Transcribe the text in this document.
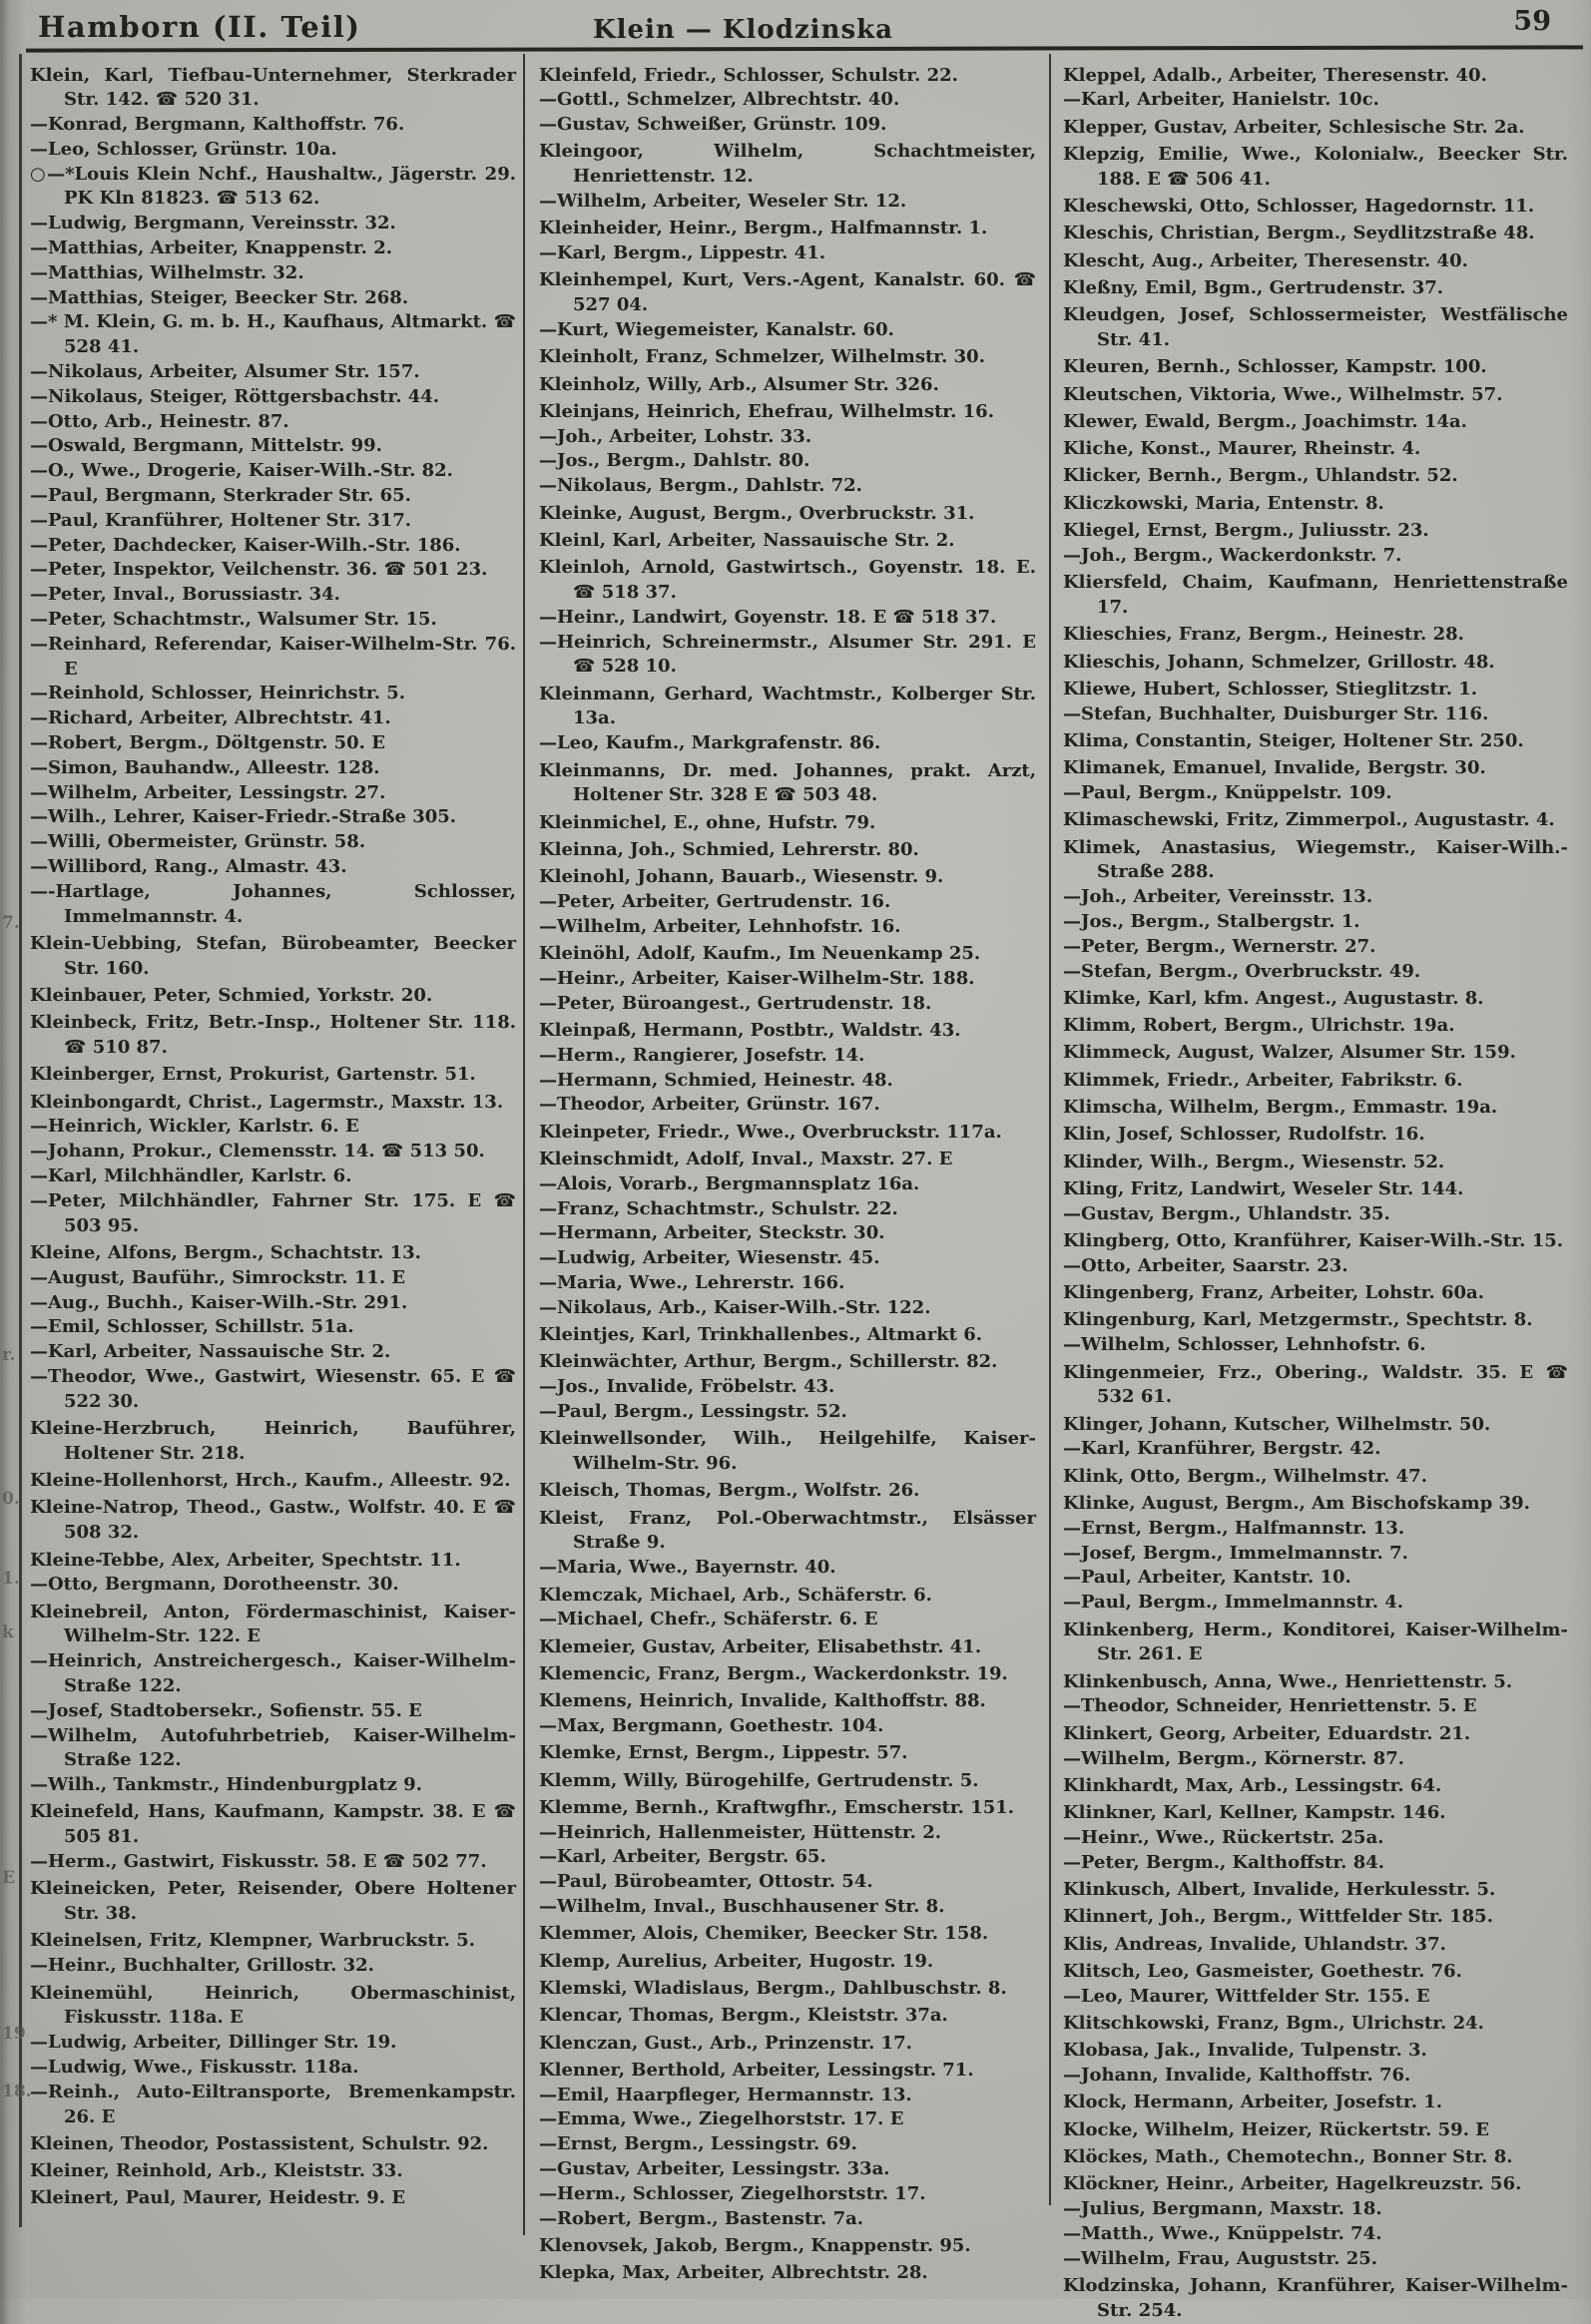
Hamborn (II. Teil)	Klein — Klodzinska	59

Klein, Karl, Tiefbau-Unternehmer, Sterkrader Str. 142. ☎ 520 31.

—Konrad, Bergmann, Kalthoffstr. 76.

—Leo, Schlosser, Grünstr. 10a.

○—*Louis Klein Nchf., Haushaltw., Jägerstr. 29. PK Kln 81823. ☎ 513 62.

—Ludwig, Bergmann, Vereinsstr. 32.

—Matthias, Arbeiter, Knappenstr. 2.

—Matthias, Wilhelmstr. 32.

—Matthias, Steiger, Beecker Str. 268.

—* M. Klein, G. m. b. H., Kaufhaus, Altmarkt. ☎ 528 41.

—Nikolaus, Arbeiter, Alsumer Str. 157.

—Nikolaus, Steiger, Röttgersbachstr. 44.

—Otto, Arb., Heinestr. 87.

—Oswald, Bergmann, Mittelstr. 99.

—O., Wwe., Drogerie, Kaiser-Wilh.-Str. 82.

—Paul, Bergmann, Sterkrader Str. 65.

—Paul, Kranführer, Holtener Str. 317.

—Peter, Dachdecker, Kaiser-Wilh.-Str. 186.

—Peter, Inspektor, Veilchenstr. 36. ☎ 501 23.

—Peter, Inval., Borussiastr. 34.

—Peter, Schachtmstr., Walsumer Str. 15.

—Reinhard, Referendar, Kaiser-Wilhelm-Str. 76. E

—Reinhold, Schlosser, Heinrichstr. 5.

—Richard, Arbeiter, Albrechtstr. 41.

—Robert, Bergm., Döltgenstr. 50. E

—Simon, Bauhandw., Alleestr. 128.

—Wilhelm, Arbeiter, Lessingstr. 27.

—Wilh., Lehrer, Kaiser-Friedr.-Straße 305.

—Willi, Obermeister, Grünstr. 58.

—Willibord, Rang., Almastr. 43.

—-Hartlage, Johannes, Schlosser, Immelmannstr. 4.

Klein-Uebbing, Stefan, Bürobeamter, Beecker Str. 160.

Kleinbauer, Peter, Schmied, Yorkstr. 20.

Kleinbeck, Fritz, Betr.-Insp., Holtener Str. 118. ☎ 510 87.

Kleinberger, Ernst, Prokurist, Gartenstr. 51.

Kleinbongardt, Christ., Lagermstr., Maxstr. 13.

—Heinrich, Wickler, Karlstr. 6. E

—Johann, Prokur., Clemensstr. 14. ☎ 513 50.

—Karl, Milchhändler, Karlstr. 6.

—Peter, Milchhändler, Fahrner Str. 175. E ☎ 503 95.

Kleine, Alfons, Bergm., Schachtstr. 13.

—August, Bauführ., Simrockstr. 11. E

—Aug., Buchh., Kaiser-Wilh.-Str. 291.

—Emil, Schlosser, Schillstr. 51a.

—Karl, Arbeiter, Nassauische Str. 2.

—Theodor, Wwe., Gastwirt, Wiesenstr. 65. E ☎ 522 30.

Kleine-Herzbruch, Heinrich, Bauführer, Holtener Str. 218.

Kleine-Hollenhorst, Hrch., Kaufm., Alleestr. 92.

Kleine-Natrop, Theod., Gastw., Wolfstr. 40. E ☎ 508 32.

Kleine-Tebbe, Alex, Arbeiter, Spechtstr. 11.

—Otto, Bergmann, Dorotheenstr. 30.

Kleinebreil, Anton, Fördermaschinist, Kaiser-Wilhelm-Str. 122. E

—Heinrich, Anstreichergesch., Kaiser-Wilhelm-Straße 122.

—Josef, Stadtobersekr., Sofienstr. 55. E

—Wilhelm, Autofuhrbetrieb, Kaiser-Wilhelm-Straße 122.

—Wilh., Tankmstr., Hindenburgplatz 9.

Kleinefeld, Hans, Kaufmann, Kampstr. 38. E ☎ 505 81.

—Herm., Gastwirt, Fiskusstr. 58. E ☎ 502 77.

Kleineicken, Peter, Reisender, Obere Holtener Str. 38.

Kleinelsen, Fritz, Klempner, Warbruckstr. 5.

—Heinr., Buchhalter, Grillostr. 32.

Kleinemühl, Heinrich, Obermaschinist, Fiskusstr. 118a. E

—Ludwig, Arbeiter, Dillinger Str. 19.

—Ludwig, Wwe., Fiskusstr. 118a.

—Reinh., Auto-Eiltransporte, Bremenkampstr. 26. E

Kleinen, Theodor, Postassistent, Schulstr. 92.

Kleiner, Reinhold, Arb., Kleiststr. 33.

Kleinert, Paul, Maurer, Heidestr. 9. E

Kleinfeld, Friedr., Schlosser, Schulstr. 22.

—Gottl., Schmelzer, Albrechtstr. 40.

—Gustav, Schweißer, Grünstr. 109.

Kleingoor, Wilhelm, Schachtmeister, Henriettenstr. 12.

—Wilhelm, Arbeiter, Weseler Str. 12.

Kleinheider, Heinr., Bergm., Halfmannstr. 1.

—Karl, Bergm., Lippestr. 41.

Kleinhempel, Kurt, Vers.-Agent, Kanalstr. 60. ☎ 527 04.

—Kurt, Wiegemeister, Kanalstr. 60.

Kleinholt, Franz, Schmelzer, Wilhelmstr. 30.

Kleinholz, Willy, Arb., Alsumer Str. 326.

Kleinjans, Heinrich, Ehefrau, Wilhelmstr. 16.

—Joh., Arbeiter, Lohstr. 33.

—Jos., Bergm., Dahlstr. 80.

—Nikolaus, Bergm., Dahlstr. 72.

Kleinke, August, Bergm., Overbruckstr. 31.

Kleinl, Karl, Arbeiter, Nassauische Str. 2.

Kleinloh, Arnold, Gastwirtsch., Goyenstr. 18. E. ☎ 518 37.

—Heinr., Landwirt, Goyenstr. 18. E ☎ 518 37.

—Heinrich, Schreinermstr., Alsumer Str. 291. E ☎ 528 10.

Kleinmann, Gerhard, Wachtmstr., Kolberger Str. 13a.

—Leo, Kaufm., Markgrafenstr. 86.

Kleinmanns, Dr. med. Johannes, prakt. Arzt, Holtener Str. 328 E ☎ 503 48.

Kleinmichel, E., ohne, Hufstr. 79.

Kleinna, Joh., Schmied, Lehrerstr. 80.

Kleinohl, Johann, Bauarb., Wiesenstr. 9.

—Peter, Arbeiter, Gertrudenstr. 16.

—Wilhelm, Arbeiter, Lehnhofstr. 16.

Kleinöhl, Adolf, Kaufm., Im Neuenkamp 25.

—Heinr., Arbeiter, Kaiser-Wilhelm-Str. 188.

—Peter, Büroangest., Gertrudenstr. 18.

Kleinpaß, Hermann, Postbtr., Waldstr. 43.

—Herm., Rangierer, Josefstr. 14.

—Hermann, Schmied, Heinestr. 48.

—Theodor, Arbeiter, Grünstr. 167.

Kleinpeter, Friedr., Wwe., Overbruckstr. 117a.

Kleinschmidt, Adolf, Inval., Maxstr. 27. E

—Alois, Vorarb., Bergmannsplatz 16a.

—Franz, Schachtmstr., Schulstr. 22.

—Hermann, Arbeiter, Steckstr. 30.

—Ludwig, Arbeiter, Wiesenstr. 45.

—Maria, Wwe., Lehrerstr. 166.

—Nikolaus, Arb., Kaiser-Wilh.-Str. 122.

Kleintjes, Karl, Trinkhallenbes., Altmarkt 6.

Kleinwächter, Arthur, Bergm., Schillerstr. 82.

—Jos., Invalide, Fröbelstr. 43.

—Paul, Bergm., Lessingstr. 52.

Kleinwellsonder, Wilh., Heilgehilfe, Kaiser-Wilhelm-Str. 96.

Kleisch, Thomas, Bergm., Wolfstr. 26.

Kleist, Franz, Pol.-Oberwachtmstr., Elsässer Straße 9.

—Maria, Wwe., Bayernstr. 40.

Klemczak, Michael, Arb., Schäferstr. 6.

—Michael, Chefr., Schäferstr. 6. E

Klemeier, Gustav, Arbeiter, Elisabethstr. 41.

Klemencic, Franz, Bergm., Wackerdonkstr. 19.

Klemens, Heinrich, Invalide, Kalthoffstr. 88.

—Max, Bergmann, Goethestr. 104.

Klemke, Ernst, Bergm., Lippestr. 57.

Klemm, Willy, Bürogehilfe, Gertrudenstr. 5.

Klemme, Bernh., Kraftwgfhr., Emscherstr. 151.

—Heinrich, Hallenmeister, Hüttenstr. 2.

—Karl, Arbeiter, Bergstr. 65.

—Paul, Bürobeamter, Ottostr. 54.

—Wilhelm, Inval., Buschhausener Str. 8.

Klemmer, Alois, Chemiker, Beecker Str. 158.

Klemp, Aurelius, Arbeiter, Hugostr. 19.

Klemski, Wladislaus, Bergm., Dahlbuschstr. 8.

Klencar, Thomas, Bergm., Kleiststr. 37a.

Klenczan, Gust., Arb., Prinzenstr. 17.

Klenner, Berthold, Arbeiter, Lessingstr. 71.

—Emil, Haarpfleger, Hermannstr. 13.

—Emma, Wwe., Ziegelhorststr. 17. E

—Ernst, Bergm., Lessingstr. 69.

—Gustav, Arbeiter, Lessingstr. 33a.

—Herm., Schlosser, Ziegelhorststr. 17.

—Robert, Bergm., Bastenstr. 7a.

Klenovsek, Jakob, Bergm., Knappenstr. 95.

Klepka, Max, Arbeiter, Albrechtstr. 28.

Kleppel, Adalb., Arbeiter, Theresenstr. 40.

—Karl, Arbeiter, Hanielstr. 10c.

Klepper, Gustav, Arbeiter, Schlesische Str. 2a.

Klepzig, Emilie, Wwe., Kolonialw., Beecker Str. 188. E ☎ 506 41.

Kleschewski, Otto, Schlosser, Hagedornstr. 11.

Kleschis, Christian, Bergm., Seydlitzstraße 48.

Klescht, Aug., Arbeiter, Theresenstr. 40.

Kleßny, Emil, Bgm., Gertrudenstr. 37.

Kleudgen, Josef, Schlossermeister, Westfälische Str. 41.

Kleuren, Bernh., Schlosser, Kampstr. 100.

Kleutschen, Viktoria, Wwe., Wilhelmstr. 57.

Klewer, Ewald, Bergm., Joachimstr. 14a.

Kliche, Konst., Maurer, Rheinstr. 4.

Klicker, Bernh., Bergm., Uhlandstr. 52.

Kliczkowski, Maria, Entenstr. 8.

Kliegel, Ernst, Bergm., Juliusstr. 23.

—Joh., Bergm., Wackerdonkstr. 7.

Kliersfeld, Chaim, Kaufmann, Henriettenstraße 17.

Klieschies, Franz, Bergm., Heinestr. 28.

Klieschis, Johann, Schmelzer, Grillostr. 48.

Kliewe, Hubert, Schlosser, Stieglitzstr. 1.

—Stefan, Buchhalter, Duisburger Str. 116.

Klima, Constantin, Steiger, Holtener Str. 250.

Klimanek, Emanuel, Invalide, Bergstr. 30.

—Paul, Bergm., Knüppelstr. 109.

Klimaschewski, Fritz, Zimmerpol., Augustastr. 4.

Klimek, Anastasius, Wiegemstr., Kaiser-Wilh.-Straße 288.

—Joh., Arbeiter, Vereinsstr. 13.

—Jos., Bergm., Stalbergstr. 1.

—Peter, Bergm., Wernerstr. 27.

—Stefan, Bergm., Overbruckstr. 49.

Klimke, Karl, kfm. Angest., Augustastr. 8.

Klimm, Robert, Bergm., Ulrichstr. 19a.

Klimmeck, August, Walzer, Alsumer Str. 159.

Klimmek, Friedr., Arbeiter, Fabrikstr. 6.

Klimscha, Wilhelm, Bergm., Emmastr. 19a.

Klin, Josef, Schlosser, Rudolfstr. 16.

Klinder, Wilh., Bergm., Wiesenstr. 52.

Kling, Fritz, Landwirt, Weseler Str. 144.

—Gustav, Bergm., Uhlandstr. 35.

Klingberg, Otto, Kranführer, Kaiser-Wilh.-Str. 15.

—Otto, Arbeiter, Saarstr. 23.

Klingenberg, Franz, Arbeiter, Lohstr. 60a.

Klingenburg, Karl, Metzgermstr., Spechtstr. 8.

—Wilhelm, Schlosser, Lehnhofstr. 6.

Klingenmeier, Frz., Obering., Waldstr. 35. E ☎ 532 61.

Klinger, Johann, Kutscher, Wilhelmstr. 50.

—Karl, Kranführer, Bergstr. 42.

Klink, Otto, Bergm., Wilhelmstr. 47.

Klinke, August, Bergm., Am Bischofskamp 39.

—Ernst, Bergm., Halfmannstr. 13.

—Josef, Bergm., Immelmannstr. 7.

—Paul, Arbeiter, Kantstr. 10.

—Paul, Bergm., Immelmannstr. 4.

Klinkenberg, Herm., Konditorei, Kaiser-Wilhelm-Str. 261. E

Klinkenbusch, Anna, Wwe., Henriettenstr. 5.

—Theodor, Schneider, Henriettenstr. 5. E

Klinkert, Georg, Arbeiter, Eduardstr. 21.

—Wilhelm, Bergm., Körnerstr. 87.

Klinkhardt, Max, Arb., Lessingstr. 64.

Klinkner, Karl, Kellner, Kampstr. 146.

—Heinr., Wwe., Rückertstr. 25a.

—Peter, Bergm., Kalthoffstr. 84.

Klinkusch, Albert, Invalide, Herkulesstr. 5.

Klinnert, Joh., Bergm., Wittfelder Str. 185.

Klis, Andreas, Invalide, Uhlandstr. 37.

Klitsch, Leo, Gasmeister, Goethestr. 76.

—Leo, Maurer, Wittfelder Str. 155. E

Klitschkowski, Franz, Bgm., Ulrichstr. 24.

Klobasa, Jak., Invalide, Tulpenstr. 3.

—Johann, Invalide, Kalthoffstr. 76.

Klock, Hermann, Arbeiter, Josefstr. 1.

Klocke, Wilhelm, Heizer, Rückertstr. 59. E

Klöckes, Math., Chemotechn., Bonner Str. 8.

Klöckner, Heinr., Arbeiter, Hagelkreuzstr. 56.

—Julius, Bergmann, Maxstr. 18.

—Matth., Wwe., Knüppelstr. 74.

—Wilhelm, Frau, Auguststr. 25.

Klodzinska, Johann, Kranführer, Kaiser-Wilhelm-Str. 254.

7.
r.
0.
1.
k
E
19
18.
